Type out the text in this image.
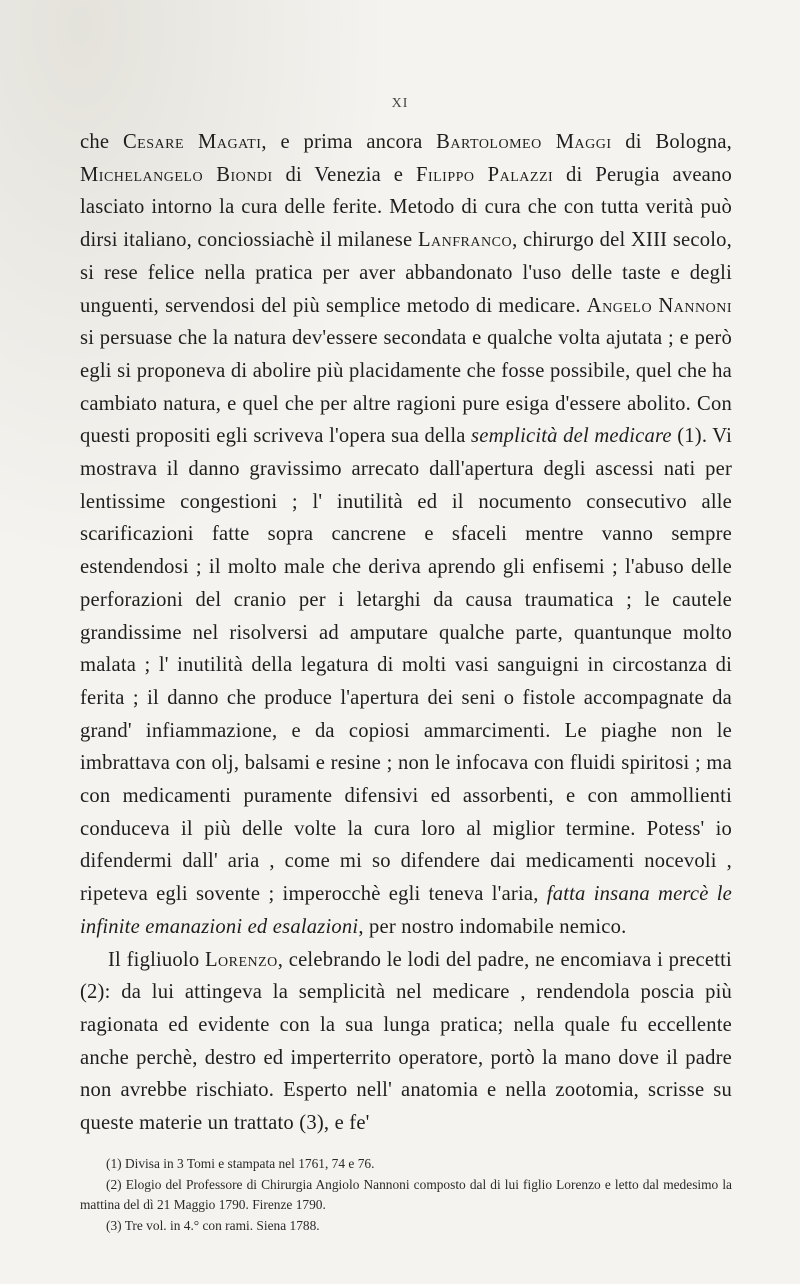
XI

che Cesare Magati, e prima ancora Bartolomeo Maggi di Bologna, Michelangelo Biondi di Venezia e Filippo Palazzi di Perugia aveano lasciato intorno la cura delle ferite. Metodo di cura che con tutta verità può dirsi italiano, conciossiachè il milanese Lanfranco, chirurgo del XIII secolo, si rese felice nella pratica per aver abbandonato l'uso delle taste e degli unguenti, servendosi del più semplice metodo di medicare. Angelo Nannoni si persuase che la natura dev'essere secondata e qualche volta ajutata ; e però egli si proponeva di abolire più placidamente che fosse possibile, quel che ha cambiato natura, e quel che per altre ragioni pure esiga d'essere abolito. Con questi propositi egli scriveva l'opera sua della semplicità del medicare (1). Vi mostrava il danno gravissimo arrecato dall'apertura degli ascessi nati per lentissime congestioni ; l' inutilità ed il nocumento consecutivo alle scarificazioni fatte sopra cancrene e sfaceli mentre vanno sempre estendendosi ; il molto male che deriva aprendo gli enfisemi ; l'abuso delle perforazioni del cranio per i letarghi da causa traumatica ; le cautele grandissime nel risolversi ad amputare qualche parte, quantunque molto malata ; l' inutilità della legatura di molti vasi sanguigni in circostanza di ferita ; il danno che produce l'apertura dei seni o fistole accompagnate da grand' infiammazione, e da copiosi ammarcimenti. Le piaghe non le imbrattava con olj, balsami e resine ; non le infocava con fluidi spiritosi ; ma con medicamenti puramente difensivi ed assorbenti, e con ammollienti conduceva il più delle volte la cura loro al miglior termine. Potess' io difendermi dall' aria , come mi so difendere dai medicamenti nocevoli , ripeteva egli sovente ; imperocchè egli teneva l'aria, fatta insana mercè le infinite emanazioni ed esalazioni, per nostro indomabile nemico.

Il figliuolo Lorenzo, celebrando le lodi del padre, ne encomiava i precetti (2): da lui attingeva la semplicità nel medicare , rendendola poscia più ragionata ed evidente con la sua lunga pratica; nella quale fu eccellente anche perchè, destro ed imperterrito operatore, portò la mano dove il padre non avrebbe rischiato. Esperto nell' anatomia e nella zootomia, scrisse su queste materie un trattato (3), e fe'

(1) Divisa in 3 Tomi e stampata nel 1761, 74 e 76.

(2) Elogio del Professore di Chirurgia Angiolo Nannoni composto dal di lui figlio Lorenzo e letto dal medesimo la mattina del dì 21 Maggio 1790. Firenze 1790.

(3) Tre vol. in 4.° con rami. Siena 1788.
